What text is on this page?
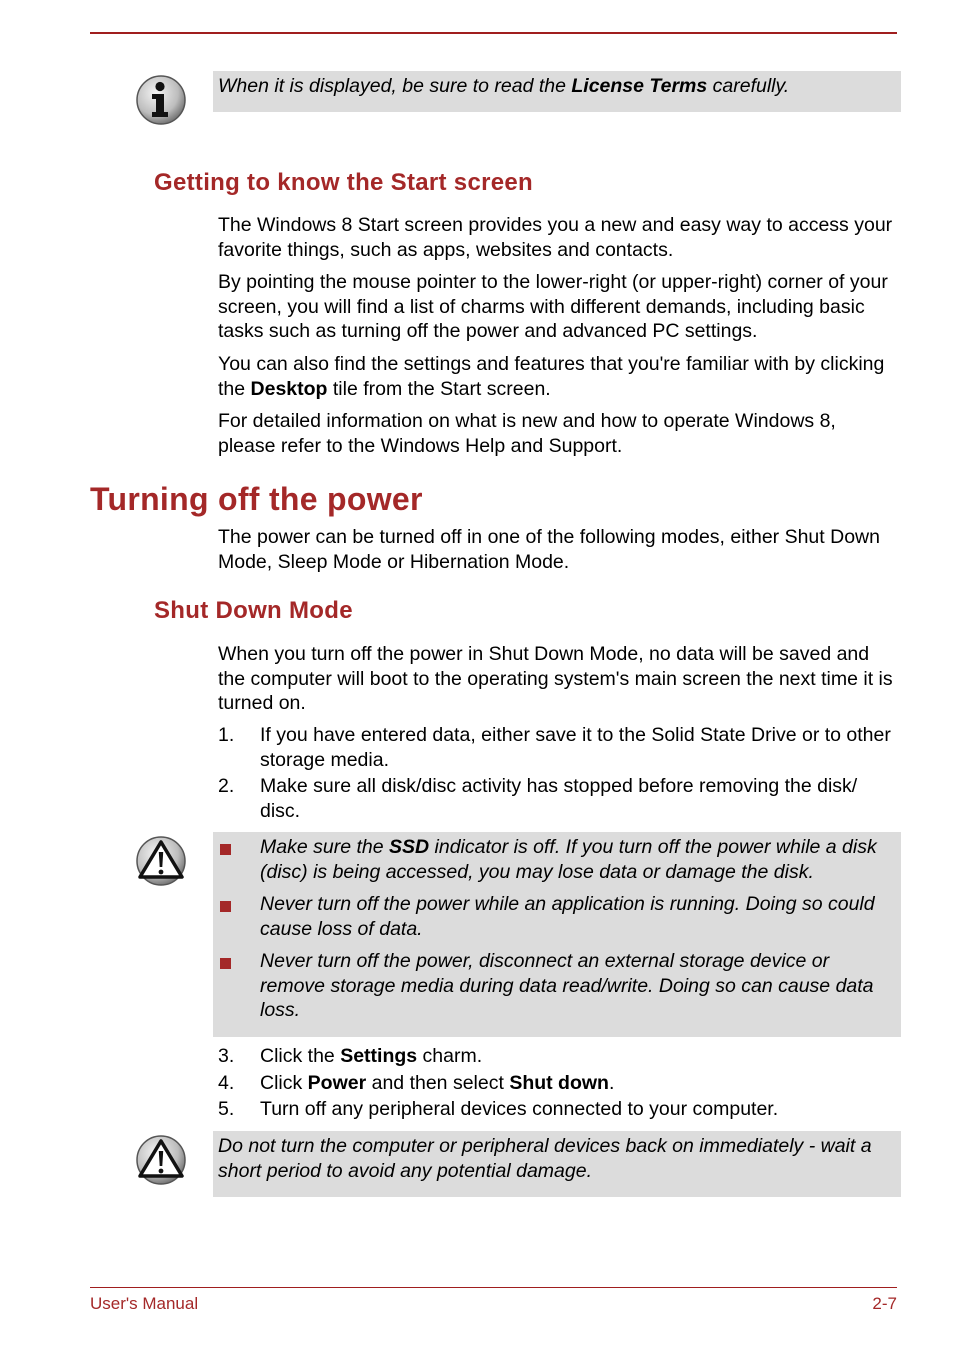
When it is displayed, be sure to read the License Terms carefully.

Getting to know the Start screen

The Windows 8 Start screen provides you a new and easy way to access your favorite things, such as apps, websites and contacts.

By pointing the mouse pointer to the lower-right (or upper-right) corner of your screen, you will find a list of charms with different demands, including basic tasks such as turning off the power and advanced PC settings.

You can also find the settings and features that you're familiar with by clicking the Desktop tile from the Start screen.

For detailed information on what is new and how to operate Windows 8, please refer to the Windows Help and Support.

Turning off the power

The power can be turned off in one of the following modes, either Shut Down Mode, Sleep Mode or Hibernation Mode.

Shut Down Mode

When you turn off the power in Shut Down Mode, no data will be saved and the computer will boot to the operating system's main screen the next time it is turned on.

1.	If you have entered data, either save it to the Solid State Drive or to other storage media.
2.	Make sure all disk/disc activity has stopped before removing the disk/ disc.
Make sure the SSD indicator is off. If you turn off the power while a disk (disc) is being accessed, you may lose data or damage the disk.
Never turn off the power while an application is running. Doing so could cause loss of data.
Never turn off the power, disconnect an external storage device or remove storage media during data read/write. Doing so can cause data loss.
3.	Click the Settings charm.
4.	Click Power and then select Shut down.
5.	Turn off any peripheral devices connected to your computer.

Do not turn the computer or peripheral devices back on immediately - wait a short period to avoid any potential damage.

User's Manual	2-7
